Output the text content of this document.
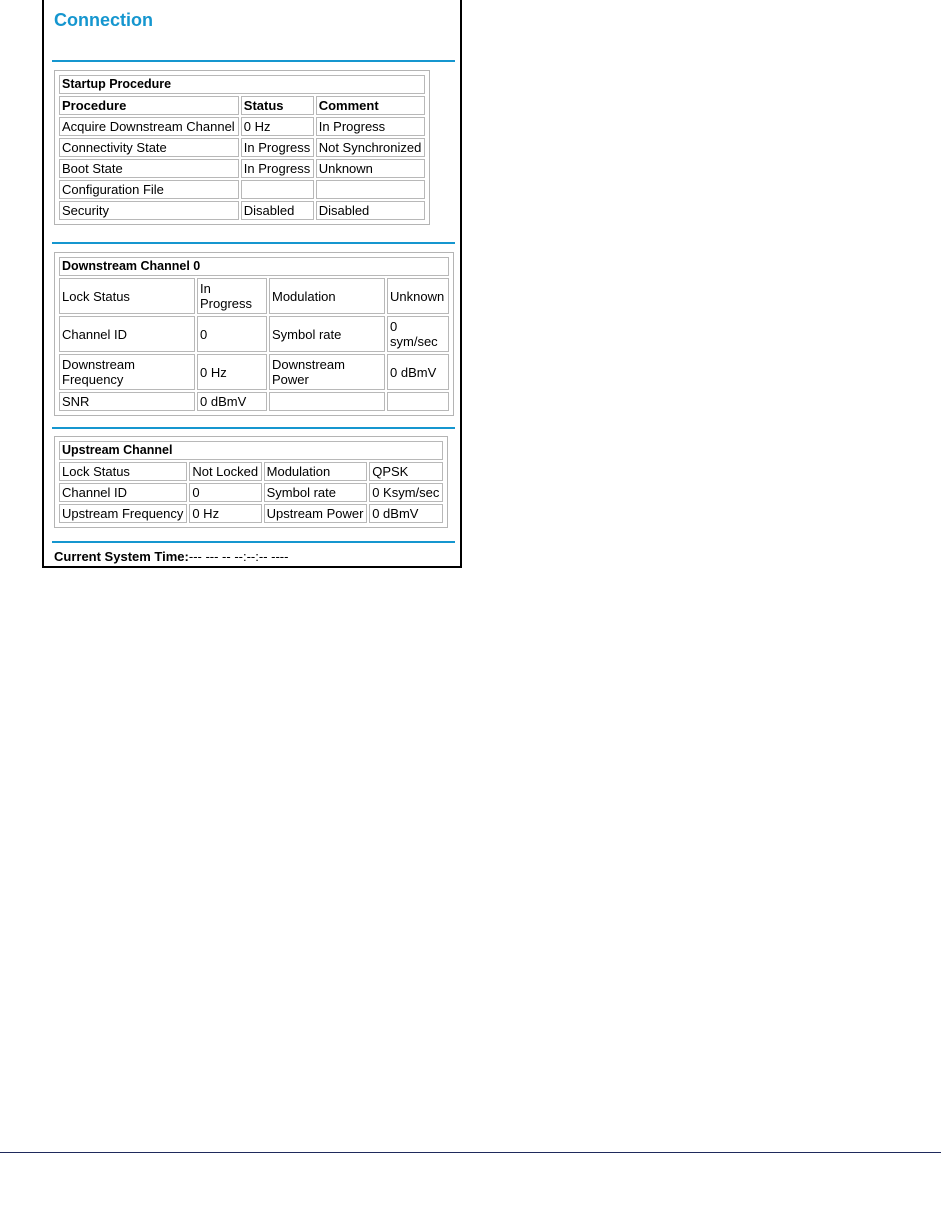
Connection
Startup Procedure		
Procedure	Status	Comment
Acquire Downstream Channel	0 Hz	In Progress
Connectivity State	In Progress	Not Synchronized
Boot State	In Progress	Unknown
Configuration File		
Security	Disabled	Disabled
Downstream Channel 0			
Lock Status	In Progress	Modulation	Unknown
Channel ID	0	Symbol rate	0 sym/sec
Downstream Frequency	0 Hz	Downstream Power	0 dBmV
SNR	0 dBmV		
Upstream Channel			
Lock Status	Not Locked	Modulation	QPSK
Channel ID	0	Symbol rate	0 Ksym/sec
Upstream Frequency	0 Hz	Upstream Power	0 dBmV
Current System Time:--- --- -- --:--:-- ----
